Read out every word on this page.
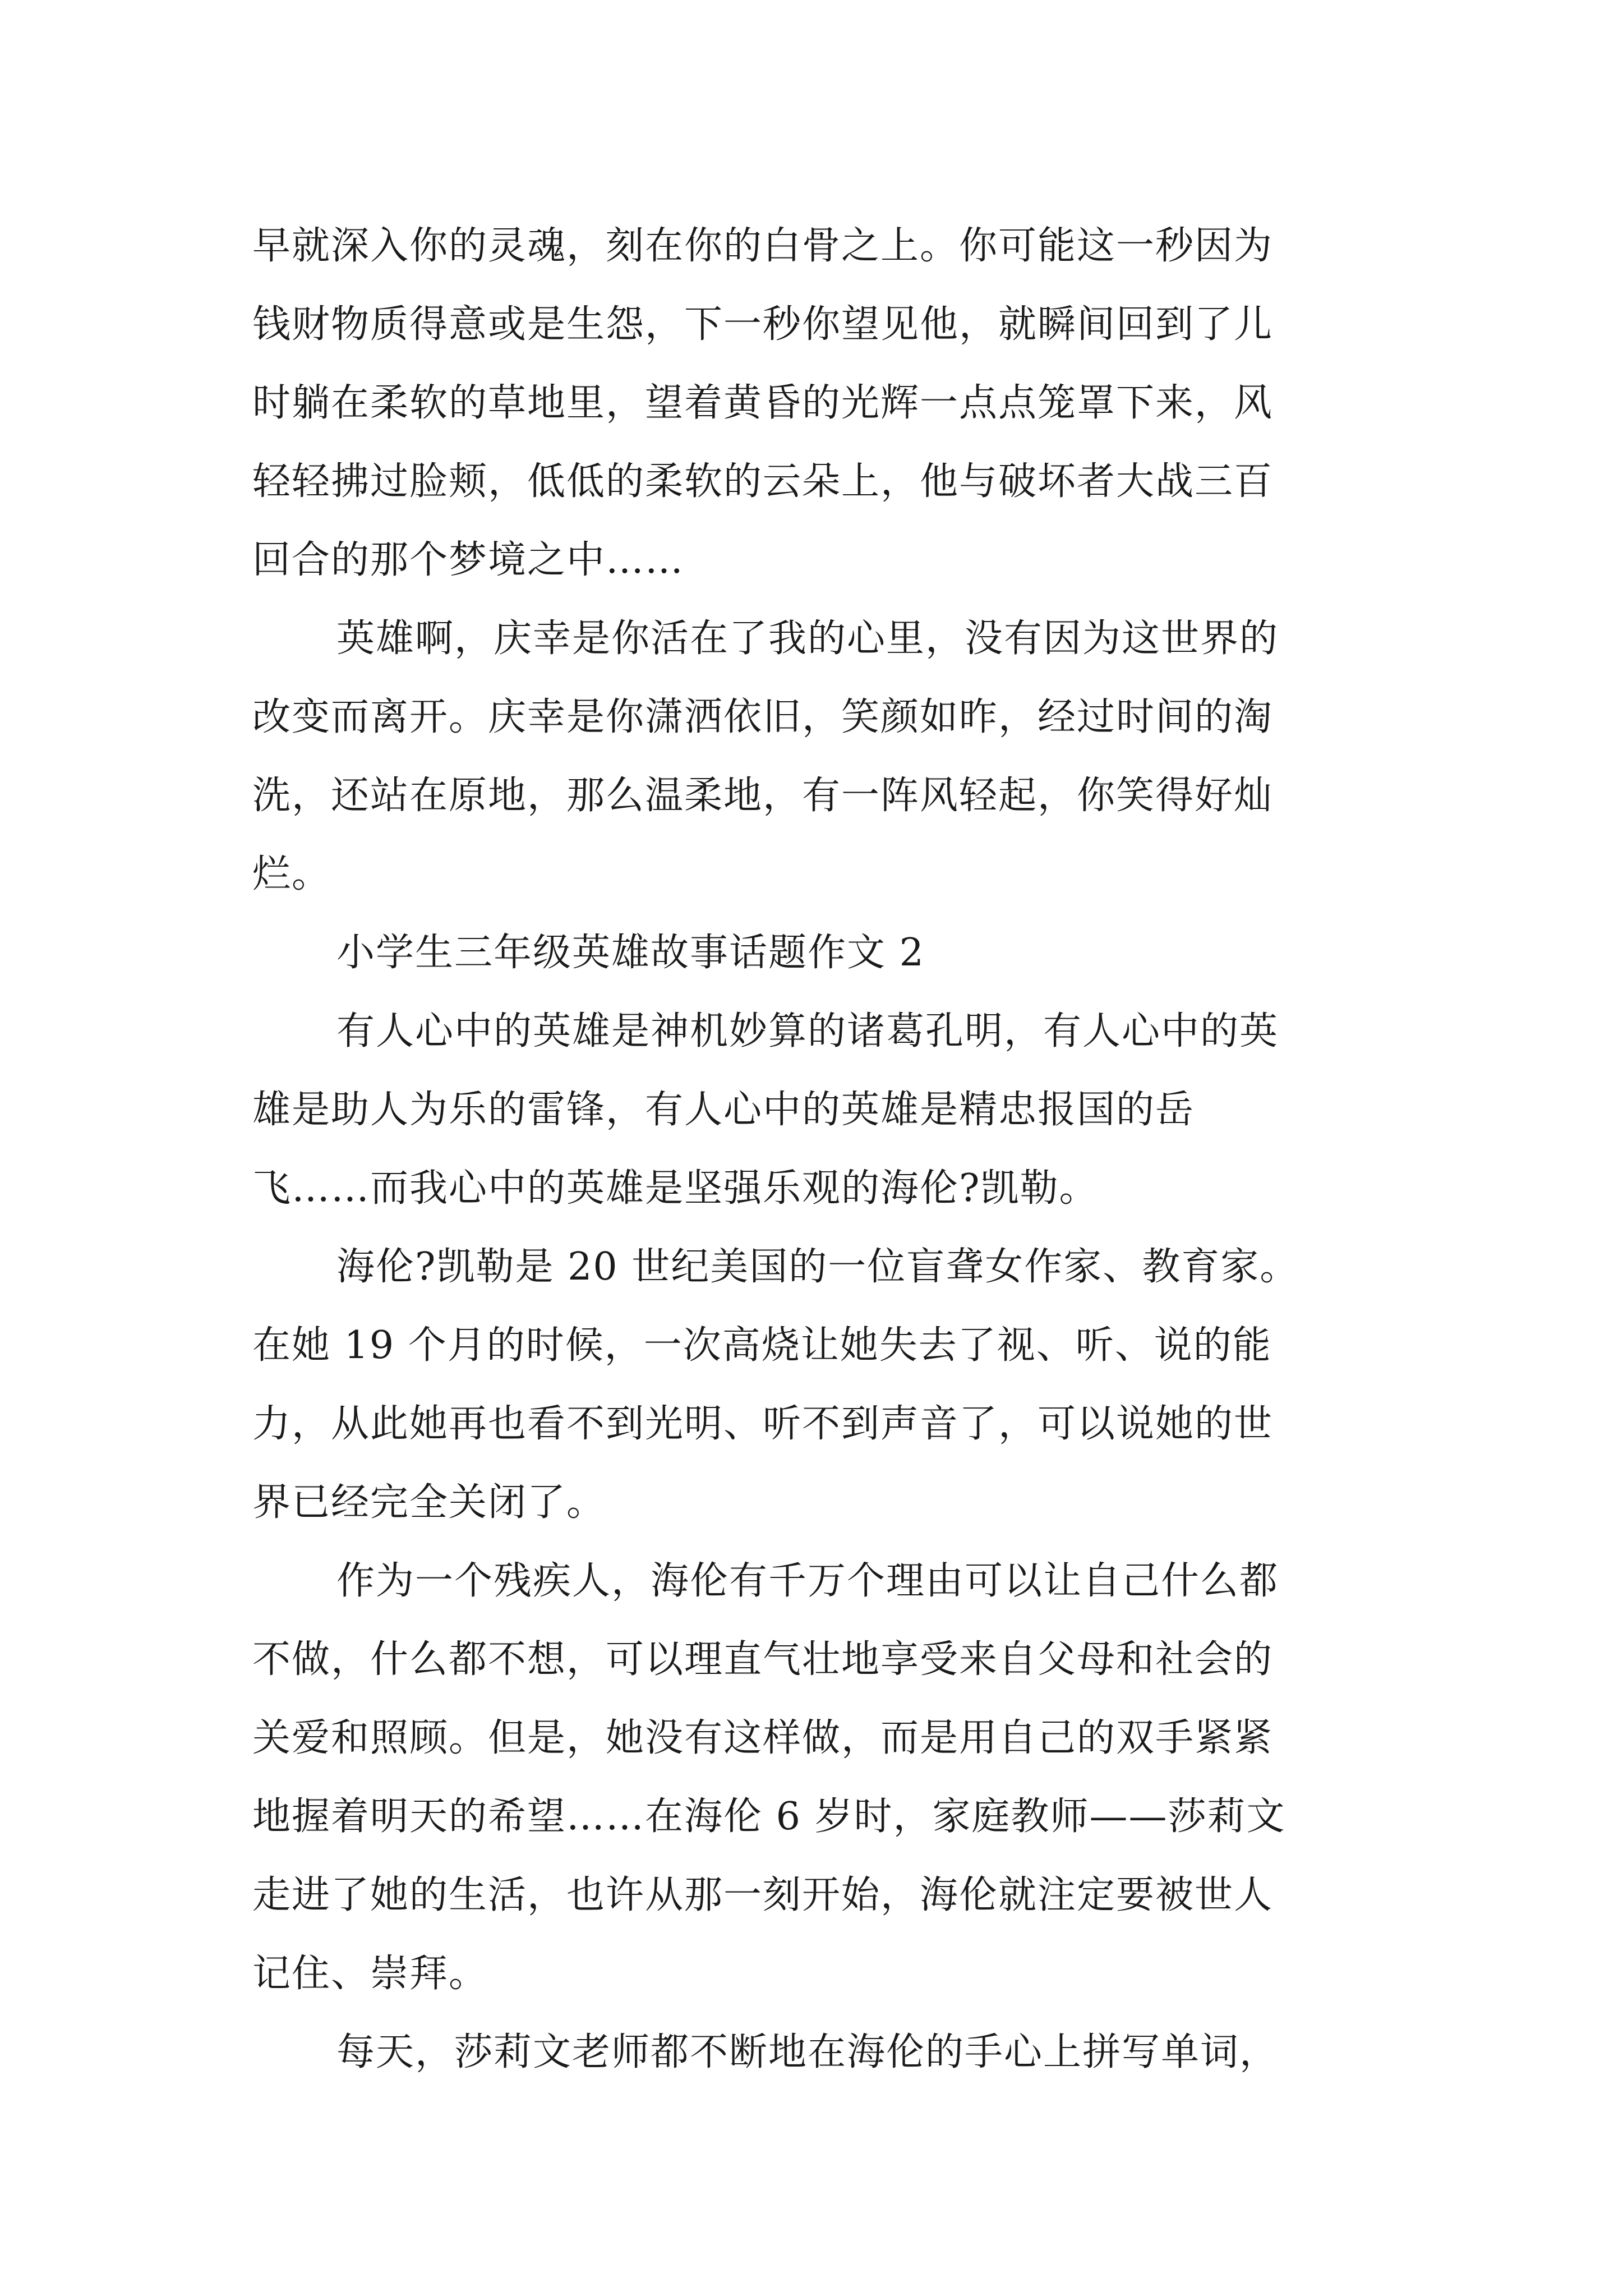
早就深入你的灵魂，刻在你的白骨之上。你可能这一秒因为

钱财物质得意或是生怨，下一秒你望见他，就瞬间回到了儿

时躺在柔软的草地里，望着黄昏的光辉一点点笼罩下来，风

轻轻拂过脸颊，低低的柔软的云朵上，他与破坏者大战三百

回合的那个梦境之中……

英雄啊，庆幸是你活在了我的心里，没有因为这世界的

改变而离开。庆幸是你潇洒依旧，笑颜如昨，经过时间的淘

洗，还站在原地，那么温柔地，有一阵风轻起，你笑得好灿

烂。

小学生三年级英雄故事话题作文 2

有人心中的英雄是神机妙算的诸葛孔明，有人心中的英

雄是助人为乐的雷锋，有人心中的英雄是精忠报国的岳

飞……而我心中的英雄是坚强乐观的海伦?凯勒。

海伦?凯勒是 20 世纪美国的一位盲聋女作家、教育家。

在她 19 个月的时候，一次高烧让她失去了视、听、说的能

力，从此她再也看不到光明、听不到声音了，可以说她的世

界已经完全关闭了。

作为一个残疾人，海伦有千万个理由可以让自己什么都

不做，什么都不想，可以理直气壮地享受来自父母和社会的

关爱和照顾。但是，她没有这样做，而是用自己的双手紧紧

地握着明天的希望……在海伦 6 岁时，家庭教师——莎莉文

走进了她的生活，也许从那一刻开始，海伦就注定要被世人

记住、崇拜。

每天，莎莉文老师都不断地在海伦的手心上拼写单词，
